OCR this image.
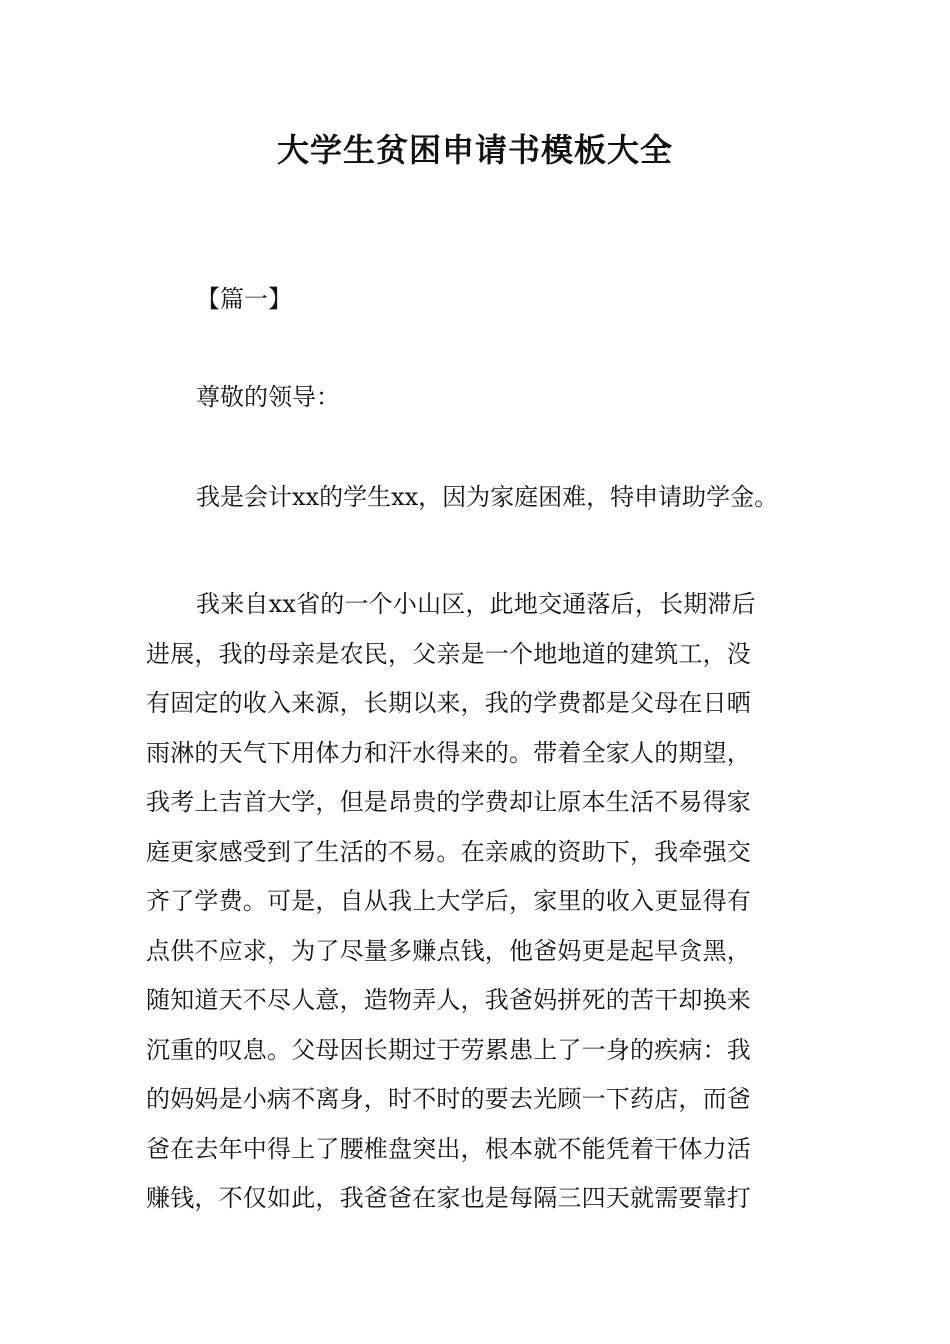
大学生贫困申请书模板大全

【篇一】

尊敬的领导：

我是会计xx的学生xx，因为家庭困难，特申请助学金。

我来自xx省的一个小山区，此地交通落后，长期滞后
进展，我的母亲是农民，父亲是一个地地道的建筑工，没
有固定的收入来源，长期以来，我的学费都是父母在日晒
雨淋的天气下用体力和汗水得来的。带着全家人的期望，
我考上吉首大学，但是昂贵的学费却让原本生活不易得家
庭更家感受到了生活的不易。在亲戚的资助下，我牵强交
齐了学费。可是，自从我上大学后，家里的收入更显得有
点供不应求，为了尽量多赚点钱，他爸妈更是起早贪黑，
随知道天不尽人意，造物弄人，我爸妈拼死的苦干却换来
沉重的叹息。父母因长期过于劳累患上了一身的疾病：我
的妈妈是小病不离身，时不时的要去光顾一下药店，而爸
爸在去年中得上了腰椎盘突出，根本就不能凭着干体力活
赚钱，不仅如此，我爸爸在家也是每隔三四天就需要靠打
